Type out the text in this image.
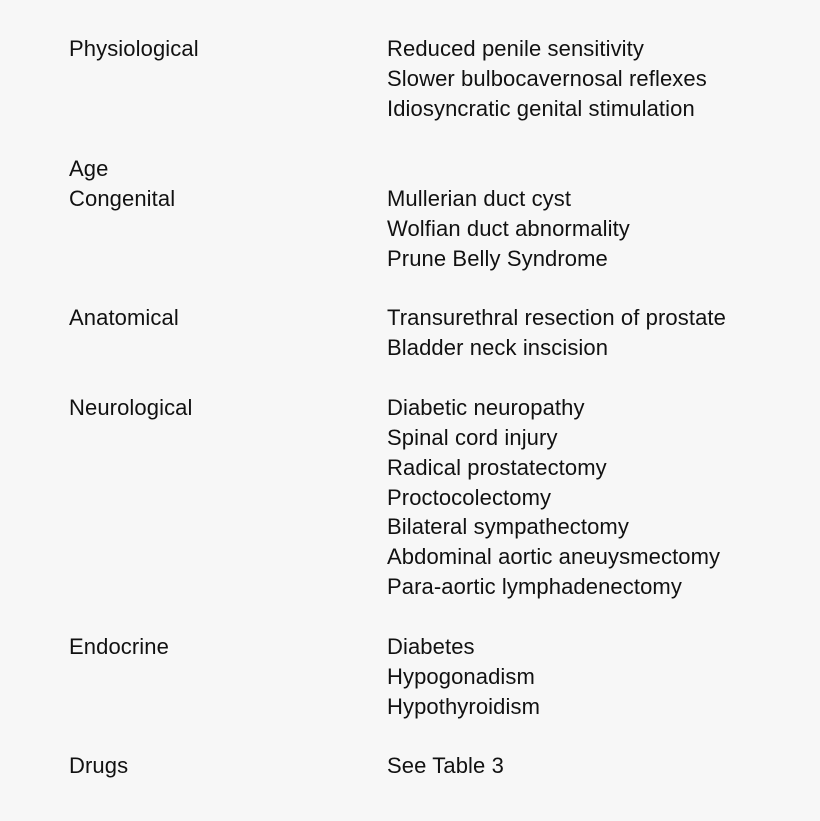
Physiological	Reduced penile sensitivity
Slower bulbocavernosal reflexes
Idiosyncratic genital stimulation
Age
Congenital	Mullerian duct cyst
Wolfian duct abnormality
Prune Belly Syndrome
Anatomical	Transurethral resection of prostate
Bladder neck inscision
Neurological	Diabetic neuropathy
Spinal cord injury
Radical prostatectomy
Proctocolectomy
Bilateral sympathectomy
Abdominal aortic aneuysmectomy
Para-aortic lymphadenectomy
Endocrine	Diabetes
Hypogonadism
Hypothyroidism
Drugs	See Table 3
